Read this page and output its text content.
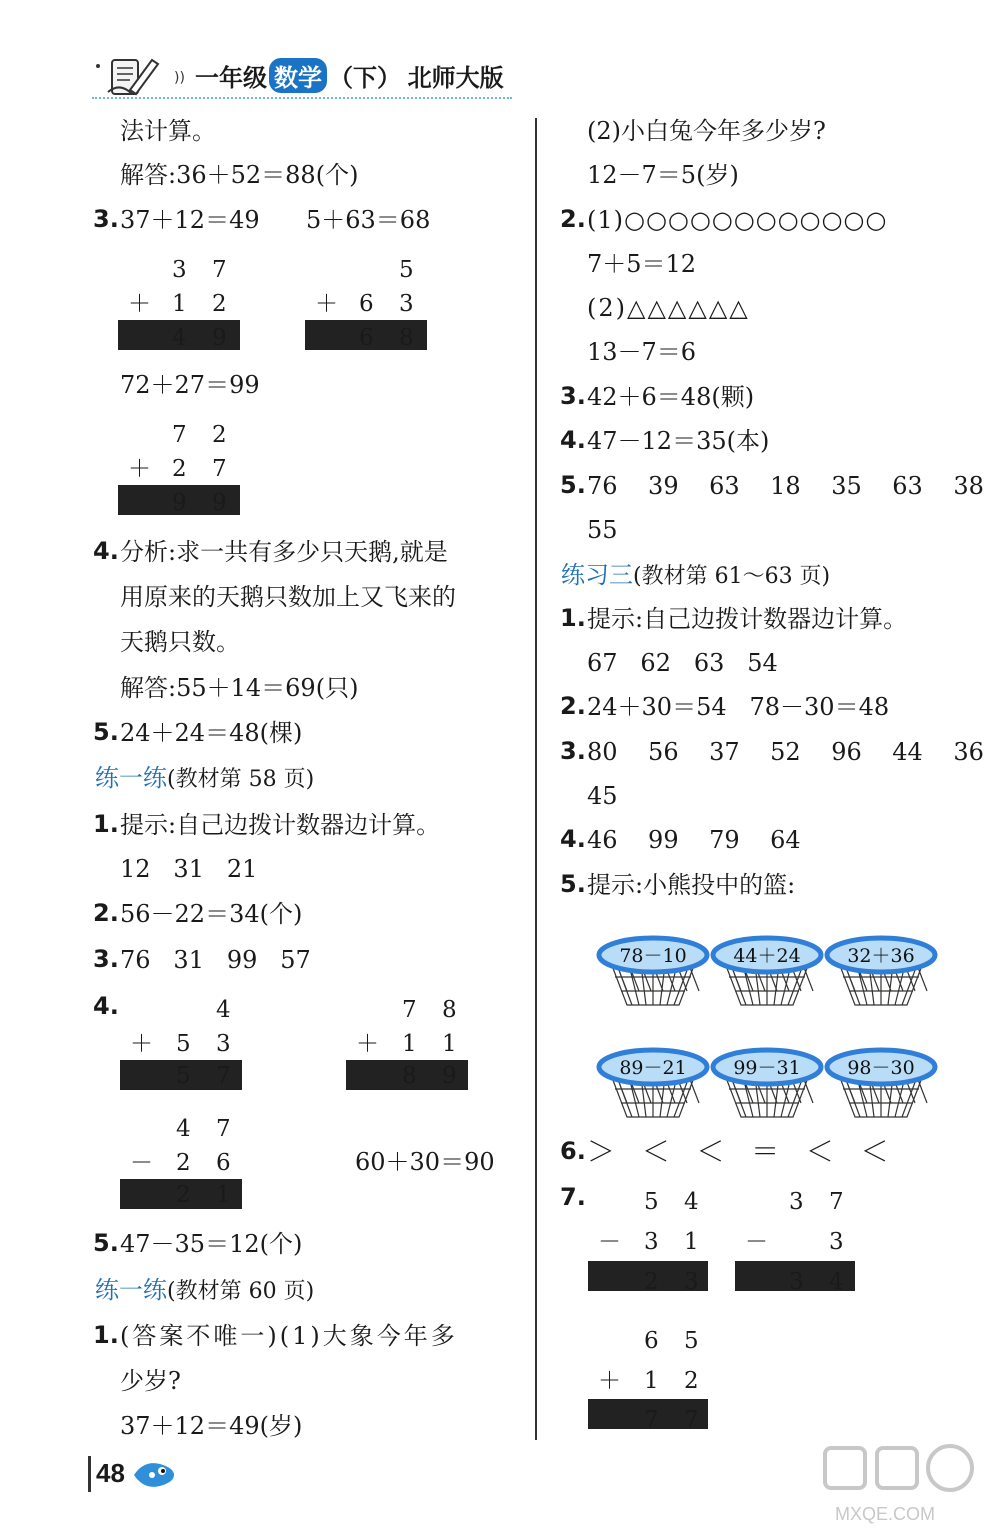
)) 一年级 数学 （下） 北师大版
法计算。
解答:36＋52＝88(个)
3. 37＋12＝49 5＋63＝68
3 7
＋ 1 2
4 9
5
＋ 6 3
6 8
72＋27＝99
7 2
＋ 2 7
9 9
4. 分析:求一共有多少只天鹅,就是
用原来的天鹅只数加上又飞来的
天鹅只数。
解答:55＋14＝69(只)
5. 24＋24＝48(棵)
练一练(教材第 58 页)
1. 提示:自己边拨计数器边计算。
12   31   21
2. 56－22＝34(个)
3. 76   31   99   57
4.	4
＋ 5 3
5 7
7 8
＋ 1 1
8 9
4 7
－ 2 6
2 1
60＋30＝90
5. 47－35＝12(个)
练一练(教材第 60 页)
1. (答案不唯一)(1)大象今年多
少岁?
37＋12＝49(岁)
(2)小白兔今年多少岁?
12－7＝5(岁)
2. (1)○○○○○○○○○○○○
7＋5＝12
(2)△△△△△△
13－7＝6
3. 42＋6＝48(颗)
4. 47－12＝35(本)
5. 76    39    63    18    35    63    38
55
练习三(教材第 61～63 页)
1. 提示:自己边拨计数器边计算。
67   62   63   54
2. 24＋30＝54   78－30＝48
3. 80    56    37    52    96    44    36
45
4. 46    99    79    64
5. 提示:小熊投中的篮:
78－10 44＋24 32＋36
89－21 99－31 98－30
6. ＞   ＜   ＜   ＝   ＜   ＜
7.	5 4
－ 3 1
2 3
3 7
－	3
3 4
6 5
＋ 1 2
7 7
48
MXQE.COM
